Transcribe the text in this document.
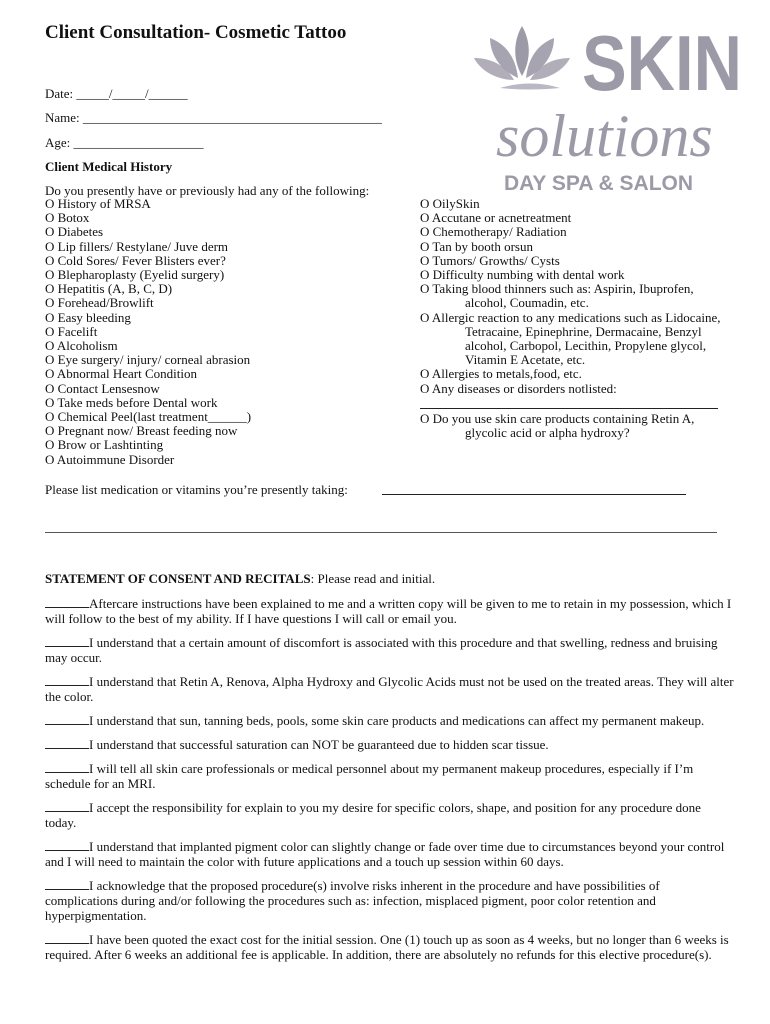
Client Consultation- Cosmetic Tattoo
Date: _____/_____/______
Name: ______________________________________________
Age: ____________________
Client Medical History
Do you presently have or previously had any of the following:
O History of MRSA
O Botox
O Diabetes
O Lip fillers/ Restylane/ Juve derm
O Cold Sores/ Fever Blisters ever?
O Blepharoplasty (Eyelid surgery)
O Hepatitis (A, B, C, D)
O Forehead/Browlift
O Easy bleeding
O Facelift
O Alcoholism
O Eye surgery/ injury/ corneal abrasion
O Abnormal Heart Condition
O Contact Lensesnow
O Take meds before Dental work
O Chemical Peel(last treatment______)
O Pregnant now/ Breast feeding now
O Brow or Lashtinting
O Autoimmune Disorder
O OilySkin
O Accutane or acnetreatment
O Chemotherapy/ Radiation
O Tan by booth orsun
O Tumors/ Growths/ Cysts
O Difficulty numbing with dental work
O Taking blood thinners such as: Aspirin, Ibuprofen,
alcohol, Coumadin, etc.
O Allergic reaction to any medications such as Lidocaine,
Tetracaine, Epinephrine, Dermacaine, Benzyl
alcohol, Carbopol, Lecithin, Propylene glycol,
Vitamin E Acetate, etc.
O Allergies to metals,food, etc.
O Any diseases or disorders notlisted:
O Do you use skin care products containing Retin A,
glycolic acid or alpha hydroxy?
Please list medication or vitamins you’re presently taking:
STATEMENT OF CONSENT AND RECITALS: Please read and initial.
Aftercare instructions have been explained to me and a written copy will be given to me to retain in my possession, which I will follow to the best of my ability. If I have questions I will call or email you.
I understand that a certain amount of discomfort is associated with this procedure and that swelling, redness and bruising may occur.
I understand that Retin A, Renova, Alpha Hydroxy and Glycolic Acids must not be used on the treated areas. They will alter the color.
I understand that sun, tanning beds, pools, some skin care products and medications can affect my permanent makeup.
I understand that successful saturation can NOT be guaranteed due to hidden scar tissue.
I will tell all skin care professionals or medical personnel about my permanent makeup procedures, especially if I’m schedule for an MRI.
I accept the responsibility for explain to you my desire for specific colors, shape, and position for any procedure done today.
I understand that implanted pigment color can slightly change or fade over time due to circumstances beyond your control and I will need to maintain the color with future applications and a touch up session within 60 days.
I acknowledge that the proposed procedure(s) involve risks inherent in the procedure and have possibilities of complications during and/or following the procedures such as: infection, misplaced pigment, poor color retention and hyperpigmentation.
I have been quoted the exact cost for the initial session. One (1) touch up as soon as 4 weeks, but no longer than 6 weeks is required. After 6 weeks an additional fee is applicable. In addition, there are absolutely no refunds for this elective procedure(s).
SKIN
solutions
DAY SPA & SALON
